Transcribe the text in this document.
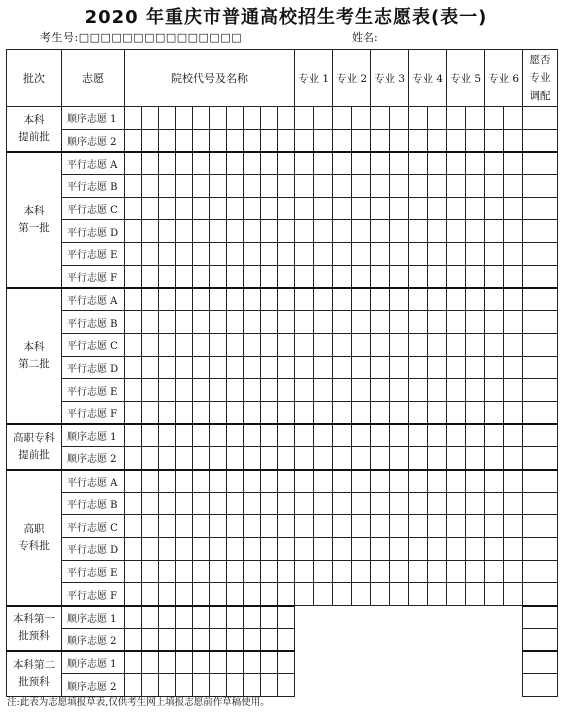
2020 年重庆市普通高校招生考生志愿表(表一)
考生号:□□□□□□□□□□□□□□□	姓名:
批次	志愿	院校代号及名称										专业 1		专业 2		专业 3		专业 4		专业 5		专业 6		愿否
专业
调配

本科
提前批	顺序志愿 1																							
	顺序志愿 2																							

本科
第一批	平行志愿 A																							
	平行志愿 B																							
	平行志愿 C																							
	平行志愿 D																							
	平行志愿 E																							
	平行志愿 F																							

本科
第二批	平行志愿 A																							
	平行志愿 B																							
	平行志愿 C																							
	平行志愿 D																							
	平行志愿 E																							
	平行志愿 F																							

高职专科
提前批	顺序志愿 1																							
	顺序志愿 2																							

高职
专科批	平行志愿 A																							
	平行志愿 B																							
	平行志愿 C																							
	平行志愿 D																							
	平行志愿 E																							
	平行志愿 F																							

本科第一
批预科	顺序志愿 1																							
	顺序志愿 2																							

本科第二
批预科	顺序志愿 1																							
	顺序志愿 2																							
注:此表为志愿填报草表,仅供考生网上填报志愿前作草稿使用。
